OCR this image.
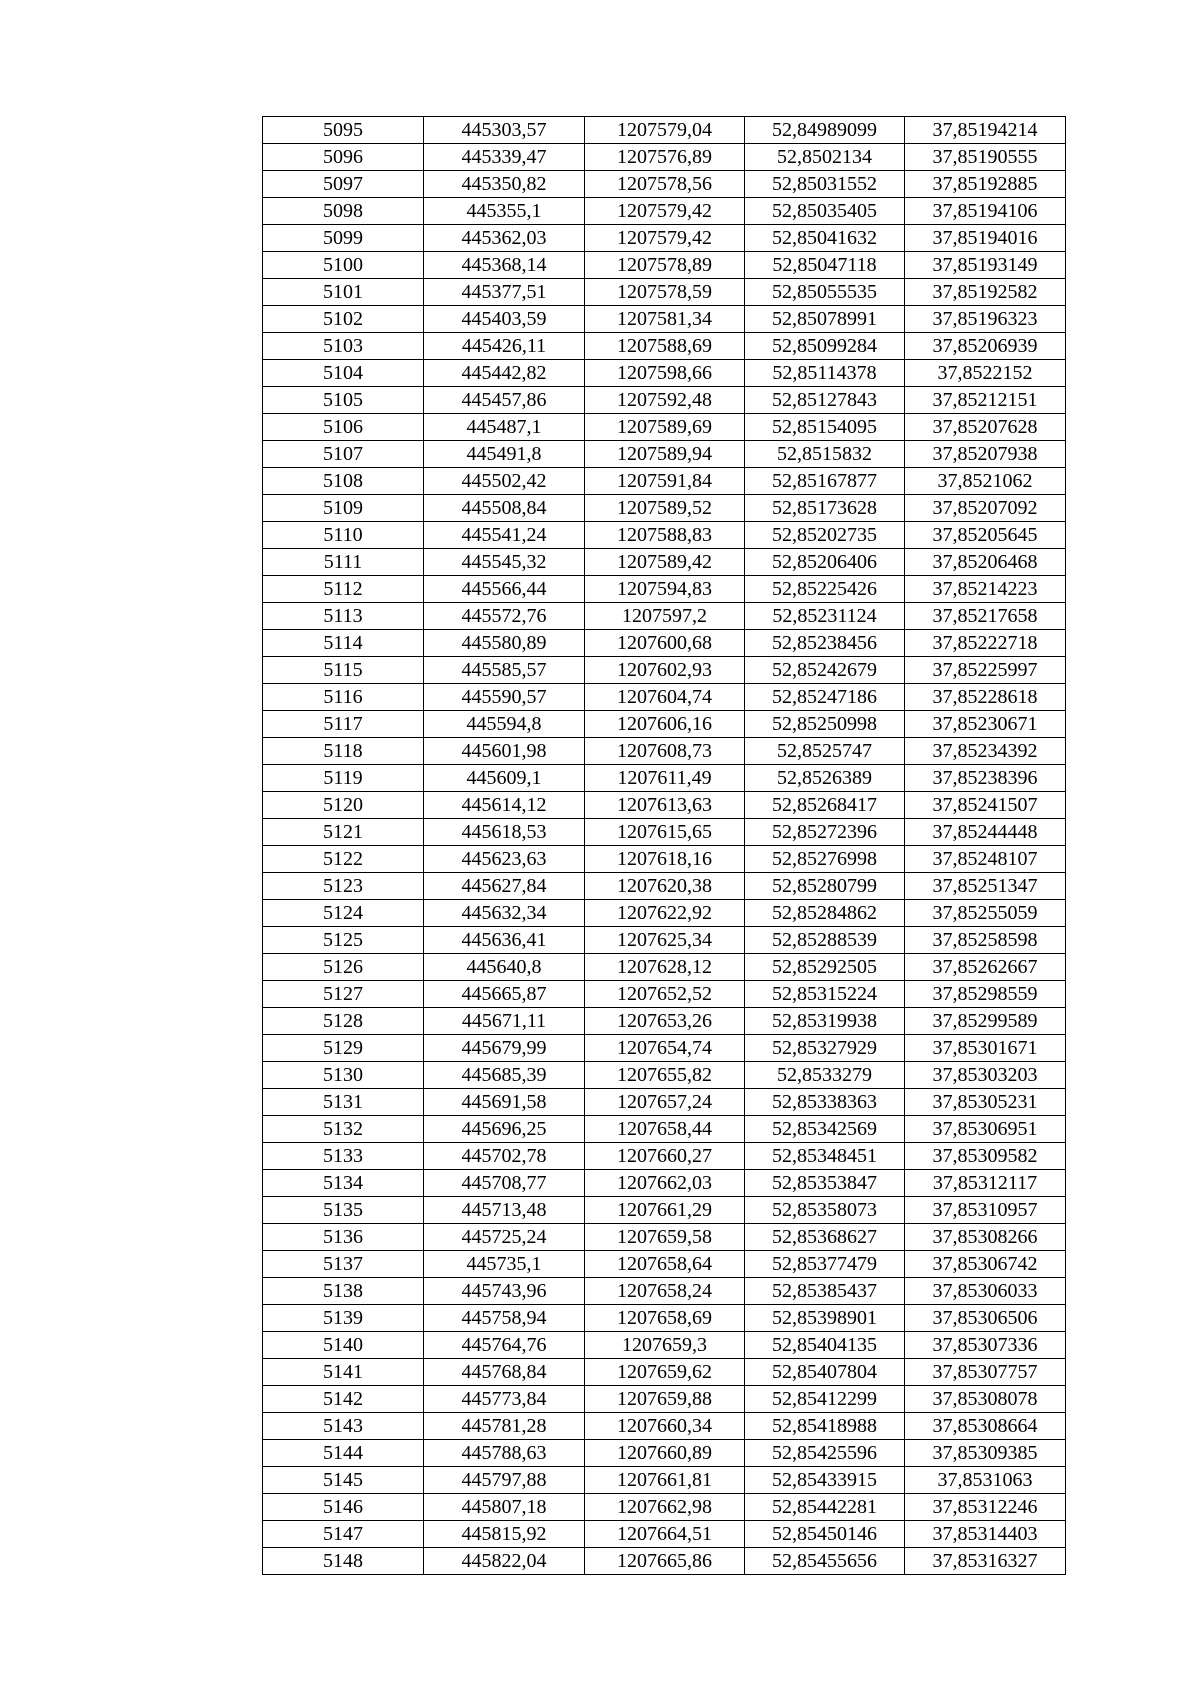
5095	445303,57	1207579,04	52,84989099	37,85194214
5096	445339,47	1207576,89	52,8502134	37,85190555
5097	445350,82	1207578,56	52,85031552	37,85192885
5098	445355,1	1207579,42	52,85035405	37,85194106
5099	445362,03	1207579,42	52,85041632	37,85194016
5100	445368,14	1207578,89	52,85047118	37,85193149
5101	445377,51	1207578,59	52,85055535	37,85192582
5102	445403,59	1207581,34	52,85078991	37,85196323
5103	445426,11	1207588,69	52,85099284	37,85206939
5104	445442,82	1207598,66	52,85114378	37,8522152
5105	445457,86	1207592,48	52,85127843	37,85212151
5106	445487,1	1207589,69	52,85154095	37,85207628
5107	445491,8	1207589,94	52,8515832	37,85207938
5108	445502,42	1207591,84	52,85167877	37,8521062
5109	445508,84	1207589,52	52,85173628	37,85207092
5110	445541,24	1207588,83	52,85202735	37,85205645
5111	445545,32	1207589,42	52,85206406	37,85206468
5112	445566,44	1207594,83	52,85225426	37,85214223
5113	445572,76	1207597,2	52,85231124	37,85217658
5114	445580,89	1207600,68	52,85238456	37,85222718
5115	445585,57	1207602,93	52,85242679	37,85225997
5116	445590,57	1207604,74	52,85247186	37,85228618
5117	445594,8	1207606,16	52,85250998	37,85230671
5118	445601,98	1207608,73	52,8525747	37,85234392
5119	445609,1	1207611,49	52,8526389	37,85238396
5120	445614,12	1207613,63	52,85268417	37,85241507
5121	445618,53	1207615,65	52,85272396	37,85244448
5122	445623,63	1207618,16	52,85276998	37,85248107
5123	445627,84	1207620,38	52,85280799	37,85251347
5124	445632,34	1207622,92	52,85284862	37,85255059
5125	445636,41	1207625,34	52,85288539	37,85258598
5126	445640,8	1207628,12	52,85292505	37,85262667
5127	445665,87	1207652,52	52,85315224	37,85298559
5128	445671,11	1207653,26	52,85319938	37,85299589
5129	445679,99	1207654,74	52,85327929	37,85301671
5130	445685,39	1207655,82	52,8533279	37,85303203
5131	445691,58	1207657,24	52,85338363	37,85305231
5132	445696,25	1207658,44	52,85342569	37,85306951
5133	445702,78	1207660,27	52,85348451	37,85309582
5134	445708,77	1207662,03	52,85353847	37,85312117
5135	445713,48	1207661,29	52,85358073	37,85310957
5136	445725,24	1207659,58	52,85368627	37,85308266
5137	445735,1	1207658,64	52,85377479	37,85306742
5138	445743,96	1207658,24	52,85385437	37,85306033
5139	445758,94	1207658,69	52,85398901	37,85306506
5140	445764,76	1207659,3	52,85404135	37,85307336
5141	445768,84	1207659,62	52,85407804	37,85307757
5142	445773,84	1207659,88	52,85412299	37,85308078
5143	445781,28	1207660,34	52,85418988	37,85308664
5144	445788,63	1207660,89	52,85425596	37,85309385
5145	445797,88	1207661,81	52,85433915	37,8531063
5146	445807,18	1207662,98	52,85442281	37,85312246
5147	445815,92	1207664,51	52,85450146	37,85314403
5148	445822,04	1207665,86	52,85455656	37,85316327
